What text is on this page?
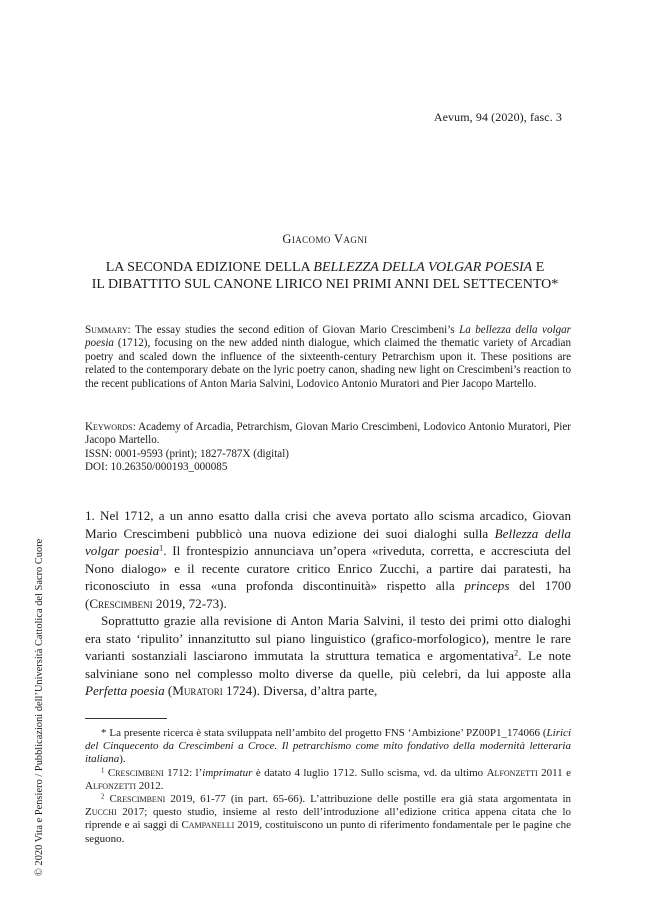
Aevum, 94 (2020), fasc. 3
Giacomo Vagni
LA SECONDA EDIZIONE DELLA BELLEZZA DELLA VOLGAR POESIA E
IL DIBATTITO SUL CANONE LIRICO NEI PRIMI ANNI DEL SETTECENTO*
Summary: The essay studies the second edition of Giovan Mario Crescimbeni’s La bellezza della volgar poesia (1712), focusing on the new added ninth dialogue, which claimed the thematic variety of Arcadian poetry and scaled down the influence of the sixteenth-century Petrarchism upon it. These positions are related to the contemporary debate on the lyric poetry canon, shading new light on Crescimbeni’s reaction to the recent publications of Anton Maria Salvini, Lodovico Antonio Muratori and Pier Jacopo Martello.
Keywords: Academy of Arcadia, Petrarchism, Giovan Mario Crescimbeni, Lodovico Antonio Muratori, Pier Jacopo Martello.
ISSN: 0001-9593 (print); 1827-787X (digital)
DOI: 10.26350/000193_000085

1. Nel 1712, a un anno esatto dalla crisi che aveva portato allo scisma arcadico, Giovan Mario Crescimbeni pubblicò una nuova edizione dei suoi dialoghi sulla Bellezza della volgar poesia$^1$. Il frontespizio annunciava un’opera «riveduta, corretta, e accresciuta del Nono dialogo» e il recente curatore critico Enrico Zucchi, a partire dai paratesti, ha riconosciuto in essa «una profonda discontinuità» rispetto alla princeps del 1700 (Crescimbeni 2019, 72-73).

Soprattutto grazie alla revisione di Anton Maria Salvini, il testo dei primi otto dialoghi era stato ‘ripulito’ innanzitutto sul piano linguistico (grafico-morfologico), mentre le rare varianti sostanziali lasciarono immutata la struttura tematica e argomentativa$^2$. Le note salviniane sono nel complesso molto diverse da quelle, più celebri, da lui apposte alla Perfetta poesia (Muratori 1724). Diversa, d’altra parte,

* La presente ricerca è stata sviluppata nell’ambito del progetto FNS ‘Ambizione’ PZ00P1_174066 (Lirici del Cinquecento da Crescimbeni a Croce. Il petrarchismo come mito fondativo della modernità letteraria italiana).

$^1$ Crescimbeni 1712: l’imprimatur è datato 4 luglio 1712. Sullo scisma, vd. da ultimo Alfonzetti 2011 e Alfonzetti 2012.

$^2$ Crescimbeni 2019, 61-77 (in part. 65-66). L’attribuzione delle postille era già stata argomentata in Zucchi 2017; questo studio, insieme al resto dell’introduzione all’edizione critica appena citata che lo riprende e ai saggi di Campanelli 2019, costituiscono un punto di riferimento fondamentale per le pagine che seguono.

© 2020 Vita e Pensiero / Pubblicazioni dell’Università Cattolica del Sacro Cuore
